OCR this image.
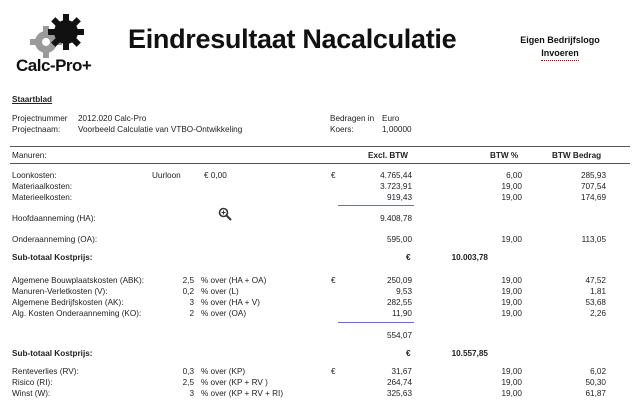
Calc-Pro+
Eindresultaat Nacalculatie	Eigen Bedrijfslogo
Invoeren
Staartblad
Projectnummer 2012.020 Calc-Pro
Projectnaam: Voorbeeld Calculatie van VTBO-Ontwikkeling
Bedragen in Euro
Koers:	1,00000
Manuren:	Excl. BTW	BTW %	BTW Bedrag
Loonkosten:	Uurloon	€ 0,00	€	4.765,44	6,00	285,93
Materiaalkosten:	3.723,91	19,00	707,54
Materieelkosten:	919,43	19,00	174,69
Hoofdaanneming (HA):	9.408,78
Onderaanneming (OA):	595,00	19,00	113,05
Sub-totaal Kostprijs:	€	10.003,78
Algemene Bouwplaatskosten (ABK):	2,5 % over (HA + OA)	€	250,09	19,00	47,52
Manuren-Verletkosten (V):	0,2 % over (L)	9,53	19,00	1,81
Algemene Bedrijfskosten (AK):	3 % over (HA + V)	282,55	19,00	53,68
Alg. Kosten Onderaanneming (KO):	2 % over (OA)	11,90	19,00	2,26
554,07
Sub-totaal Kostprijs:	€	10.557,85
Renteverlies (RV):	0,3 % over (KP)	€	31,67	19,00	6,02
Risico (RI):	2,5 % over (KP + RV )	264,74	19,00	50,30
Winst (W):	3 % over (KP + RV + RI)	325,63	19,00	61,87
